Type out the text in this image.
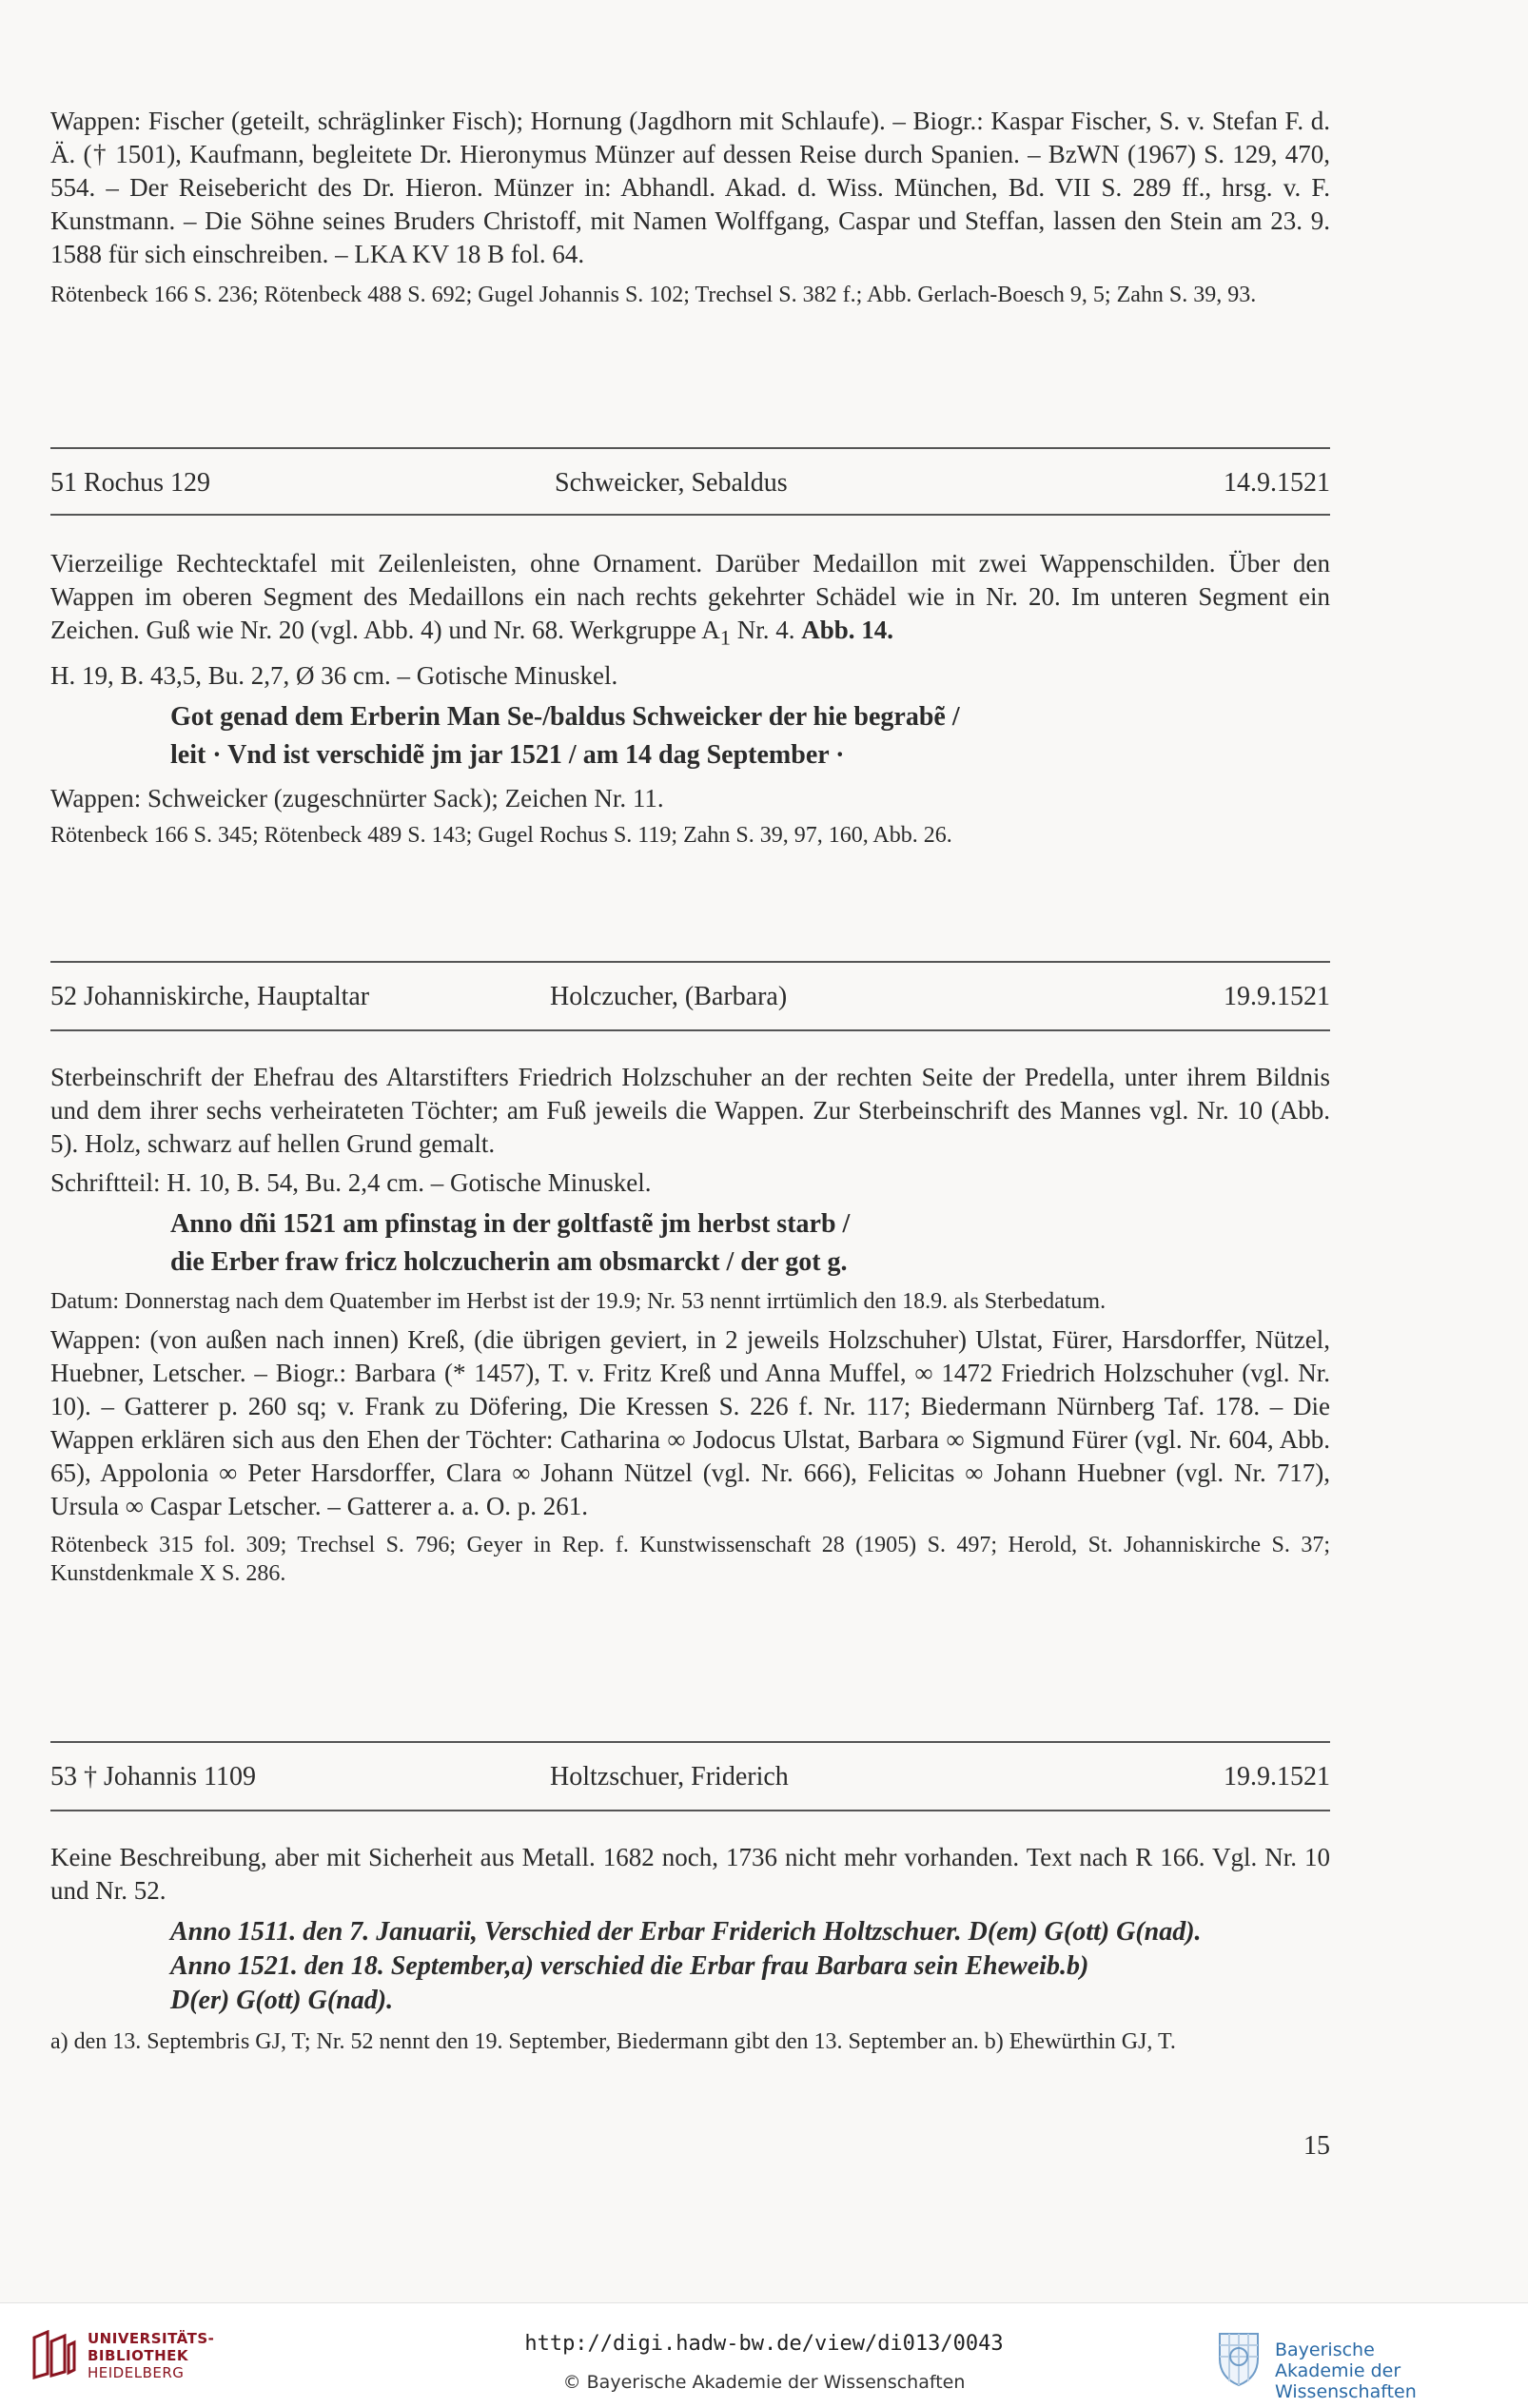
Wappen: Fischer (geteilt, schräglinker Fisch); Hornung (Jagdhorn mit Schlaufe). – Biogr.: Kaspar Fischer, S. v. Stefan F. d. Ä. († 1501), Kaufmann, begleitete Dr. Hieronymus Münzer auf dessen Reise durch Spanien. – BzWN (1967) S. 129, 470, 554. – Der Reisebericht des Dr. Hieron. Münzer in: Abhandl. Akad. d. Wiss. München, Bd. VII S. 289 ff., hrsg. v. F. Kunstmann. – Die Söhne seines Bruders Christoff, mit Namen Wolffgang, Caspar und Steffan, lassen den Stein am 23. 9. 1588 für sich einschreiben. – LKA KV 18 B fol. 64.

Rötenbeck 166 S. 236; Rötenbeck 488 S. 692; Gugel Johannis S. 102; Trechsel S. 382 f.; Abb. Gerlach-Boesch 9, 5; Zahn S. 39, 93.

51 Rochus 129	Schweicker, Sebaldus	14.9.1521

Vierzeilige Rechtecktafel mit Zeilenleisten, ohne Ornament. Darüber Medaillon mit zwei Wappenschilden. Über den Wappen im oberen Segment des Medaillons ein nach rechts gekehrter Schädel wie in Nr. 20. Im unteren Segment ein Zeichen. Guß wie Nr. 20 (vgl. Abb. 4) und Nr. 68. Werkgruppe $A_1$ Nr. 4. Abb. 14.

H. 19, B. 43,5, Bu. 2,7, Ø 36 cm. – Gotische Minuskel.

Got genad dem Erberin Man Se-/baldus Schweicker der hie begrabẽ /

leit · Vnd ist verschidẽ jm jar 1521 / am 14 dag September ·

Wappen: Schweicker (zugeschnürter Sack); Zeichen Nr. 11.

Rötenbeck 166 S. 345; Rötenbeck 489 S. 143; Gugel Rochus S. 119; Zahn S. 39, 97, 160, Abb. 26.

52 Johanniskirche, Hauptaltar	Holczucher, (Barbara)	19.9.1521

Sterbeinschrift der Ehefrau des Altarstifters Friedrich Holzschuher an der rechten Seite der Predella, unter ihrem Bildnis und dem ihrer sechs verheirateten Töchter; am Fuß jeweils die Wappen. Zur Sterbeinschrift des Mannes vgl. Nr. 10 (Abb. 5). Holz, schwarz auf hellen Grund gemalt.

Schriftteil: H. 10, B. 54, Bu. 2,4 cm. – Gotische Minuskel.

Anno dñi 1521 am pfinstag in der goltfastẽ jm herbst starb /

die Erber fraw fricz holczucherin am obsmarckt / der got g.

Datum: Donnerstag nach dem Quatember im Herbst ist der 19.9; Nr. 53 nennt irrtümlich den 18.9. als Sterbedatum.

Wappen: (von außen nach innen) Kreß, (die übrigen geviert, in 2 jeweils Holzschuher) Ulstat, Fürer, Harsdorffer, Nützel, Huebner, Letscher. – Biogr.: Barbara (* 1457), T. v. Fritz Kreß und Anna Muffel, ∞ 1472 Friedrich Holzschuher (vgl. Nr. 10). – Gatterer p. 260 sq; v. Frank zu Döfering, Die Kressen S. 226 f. Nr. 117; Biedermann Nürnberg Taf. 178. – Die Wappen erklären sich aus den Ehen der Töchter: Catharina ∞ Jodocus Ulstat, Barbara ∞ Sigmund Fürer (vgl. Nr. 604, Abb. 65), Appolonia ∞ Peter Harsdorffer, Clara ∞ Johann Nützel (vgl. Nr. 666), Felicitas ∞ Johann Huebner (vgl. Nr. 717), Ursula ∞ Caspar Letscher. – Gatterer a. a. O. p. 261.

Rötenbeck 315 fol. 309; Trechsel S. 796; Geyer in Rep. f. Kunstwissenschaft 28 (1905) S. 497; Herold, St. Johanniskirche S. 37; Kunstdenkmale X S. 286.

53 † Johannis 1109	Holtzschuer, Friderich	19.9.1521

Keine Beschreibung, aber mit Sicherheit aus Metall. 1682 noch, 1736 nicht mehr vorhanden. Text nach R 166. Vgl. Nr. 10 und Nr. 52.

Anno 1511. den 7. Januarii, Verschied der Erbar Friderich Holtzschuer. D(em) G(ott) G(nad).

Anno 1521. den 18. September,a) verschied die Erbar frau Barbara sein Eheweib.b)

D(er) G(ott) G(nad).

a) den 13. Septembris GJ, T; Nr. 52 nennt den 19. September, Biedermann gibt den 13. September an. b) Ehewürthin GJ, T.

15
UNIVERSITÄTS-
BIBLIOTHEK
HEIDELBERG
http://digi.hadw-bw.de/view/di013/0043
© Bayerische Akademie der Wissenschaften
Bayerische
Akademie der Wissenschaften
